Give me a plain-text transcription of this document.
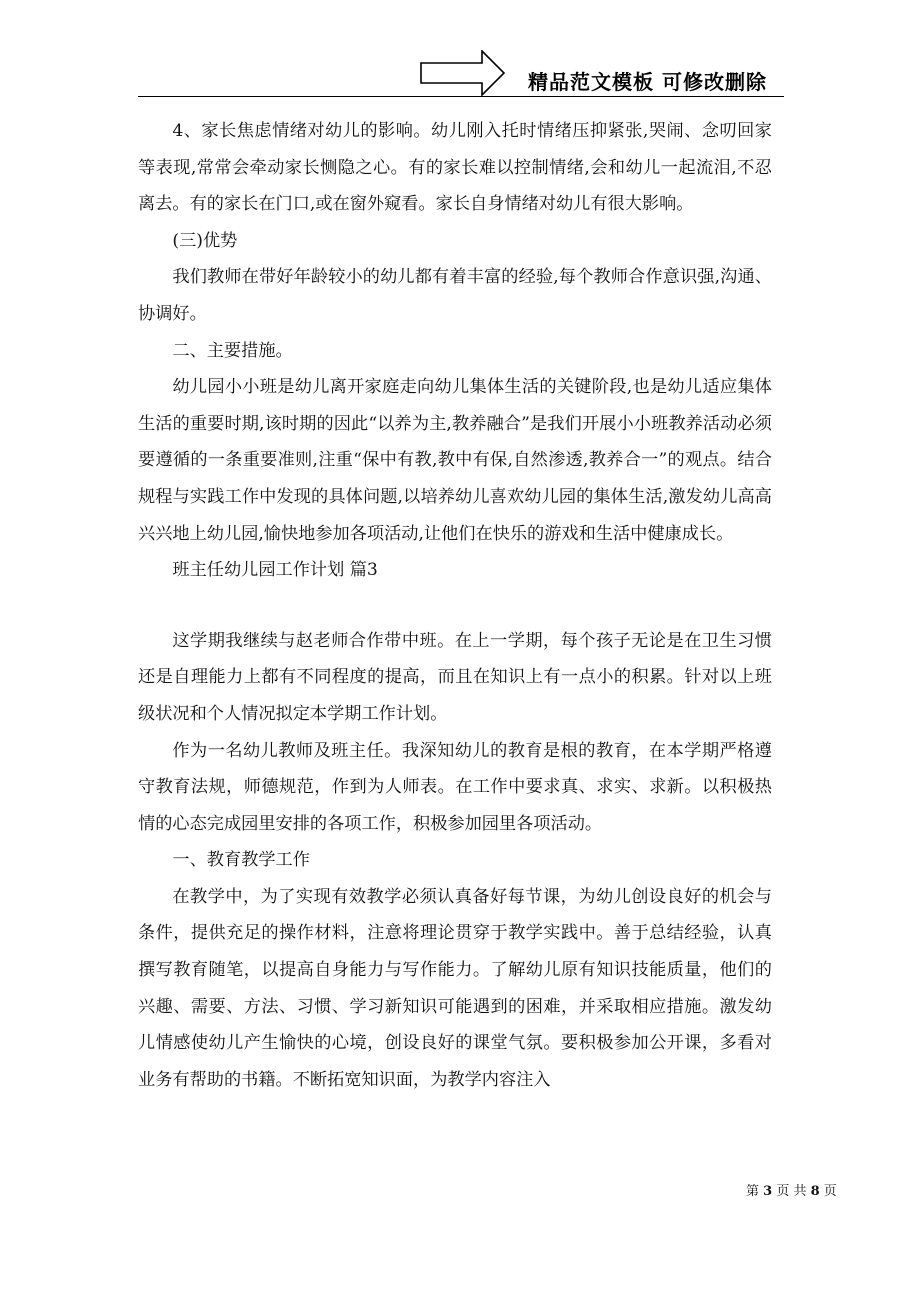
精品范文模板 可修改删除

4、家长焦虑情绪对幼儿的影响。幼儿刚入托时情绪压抑紧张,哭闹、念叨回家等表现,常常会牵动家长恻隐之心。有的家长难以控制情绪,会和幼儿一起流泪,不忍离去。有的家长在门口,或在窗外窥看。家长自身情绪对幼儿有很大影响。

(三)优势

我们教师在带好年龄较小的幼儿都有着丰富的经验,每个教师合作意识强,沟通、协调好。

二、主要措施。

幼儿园小小班是幼儿离开家庭走向幼儿集体生活的关键阶段,也是幼儿适应集体生活的重要时期,该时期的因此“以养为主,教养融合”是我们开展小小班教养活动必须要遵循的一条重要准则,注重“保中有教,教中有保,自然渗透,教养合一”的观点。结合规程与实践工作中发现的具体问题,以培养幼儿喜欢幼儿园的集体生活,激发幼儿高高兴兴地上幼儿园,愉快地参加各项活动,让他们在快乐的游戏和生活中健康成长。

班主任幼儿园工作计划 篇3

这学期我继续与赵老师合作带中班。在上一学期，每个孩子无论是在卫生习惯还是自理能力上都有不同程度的提高，而且在知识上有一点小的积累。针对以上班级状况和个人情况拟定本学期工作计划。

作为一名幼儿教师及班主任。我深知幼儿的教育是根的教育，在本学期严格遵守教育法规，师德规范，作到为人师表。在工作中要求真、求实、求新。以积极热情的心态完成园里安排的各项工作，积极参加园里各项活动。

一、教育教学工作

在教学中，为了实现有效教学必须认真备好每节课，为幼儿创设良好的机会与条件，提供充足的操作材料，注意将理论贯穿于教学实践中。善于总结经验，认真撰写教育随笔，以提高自身能力与写作能力。了解幼儿原有知识技能质量，他们的兴趣、需要、方法、习惯、学习新知识可能遇到的困难，并采取相应措施。激发幼儿情感使幼儿产生愉快的心境，创设良好的课堂气氛。要积极参加公开课，多看对业务有帮助的书籍。不断拓宽知识面，为教学内容注入

第 3 页 共 8 页
